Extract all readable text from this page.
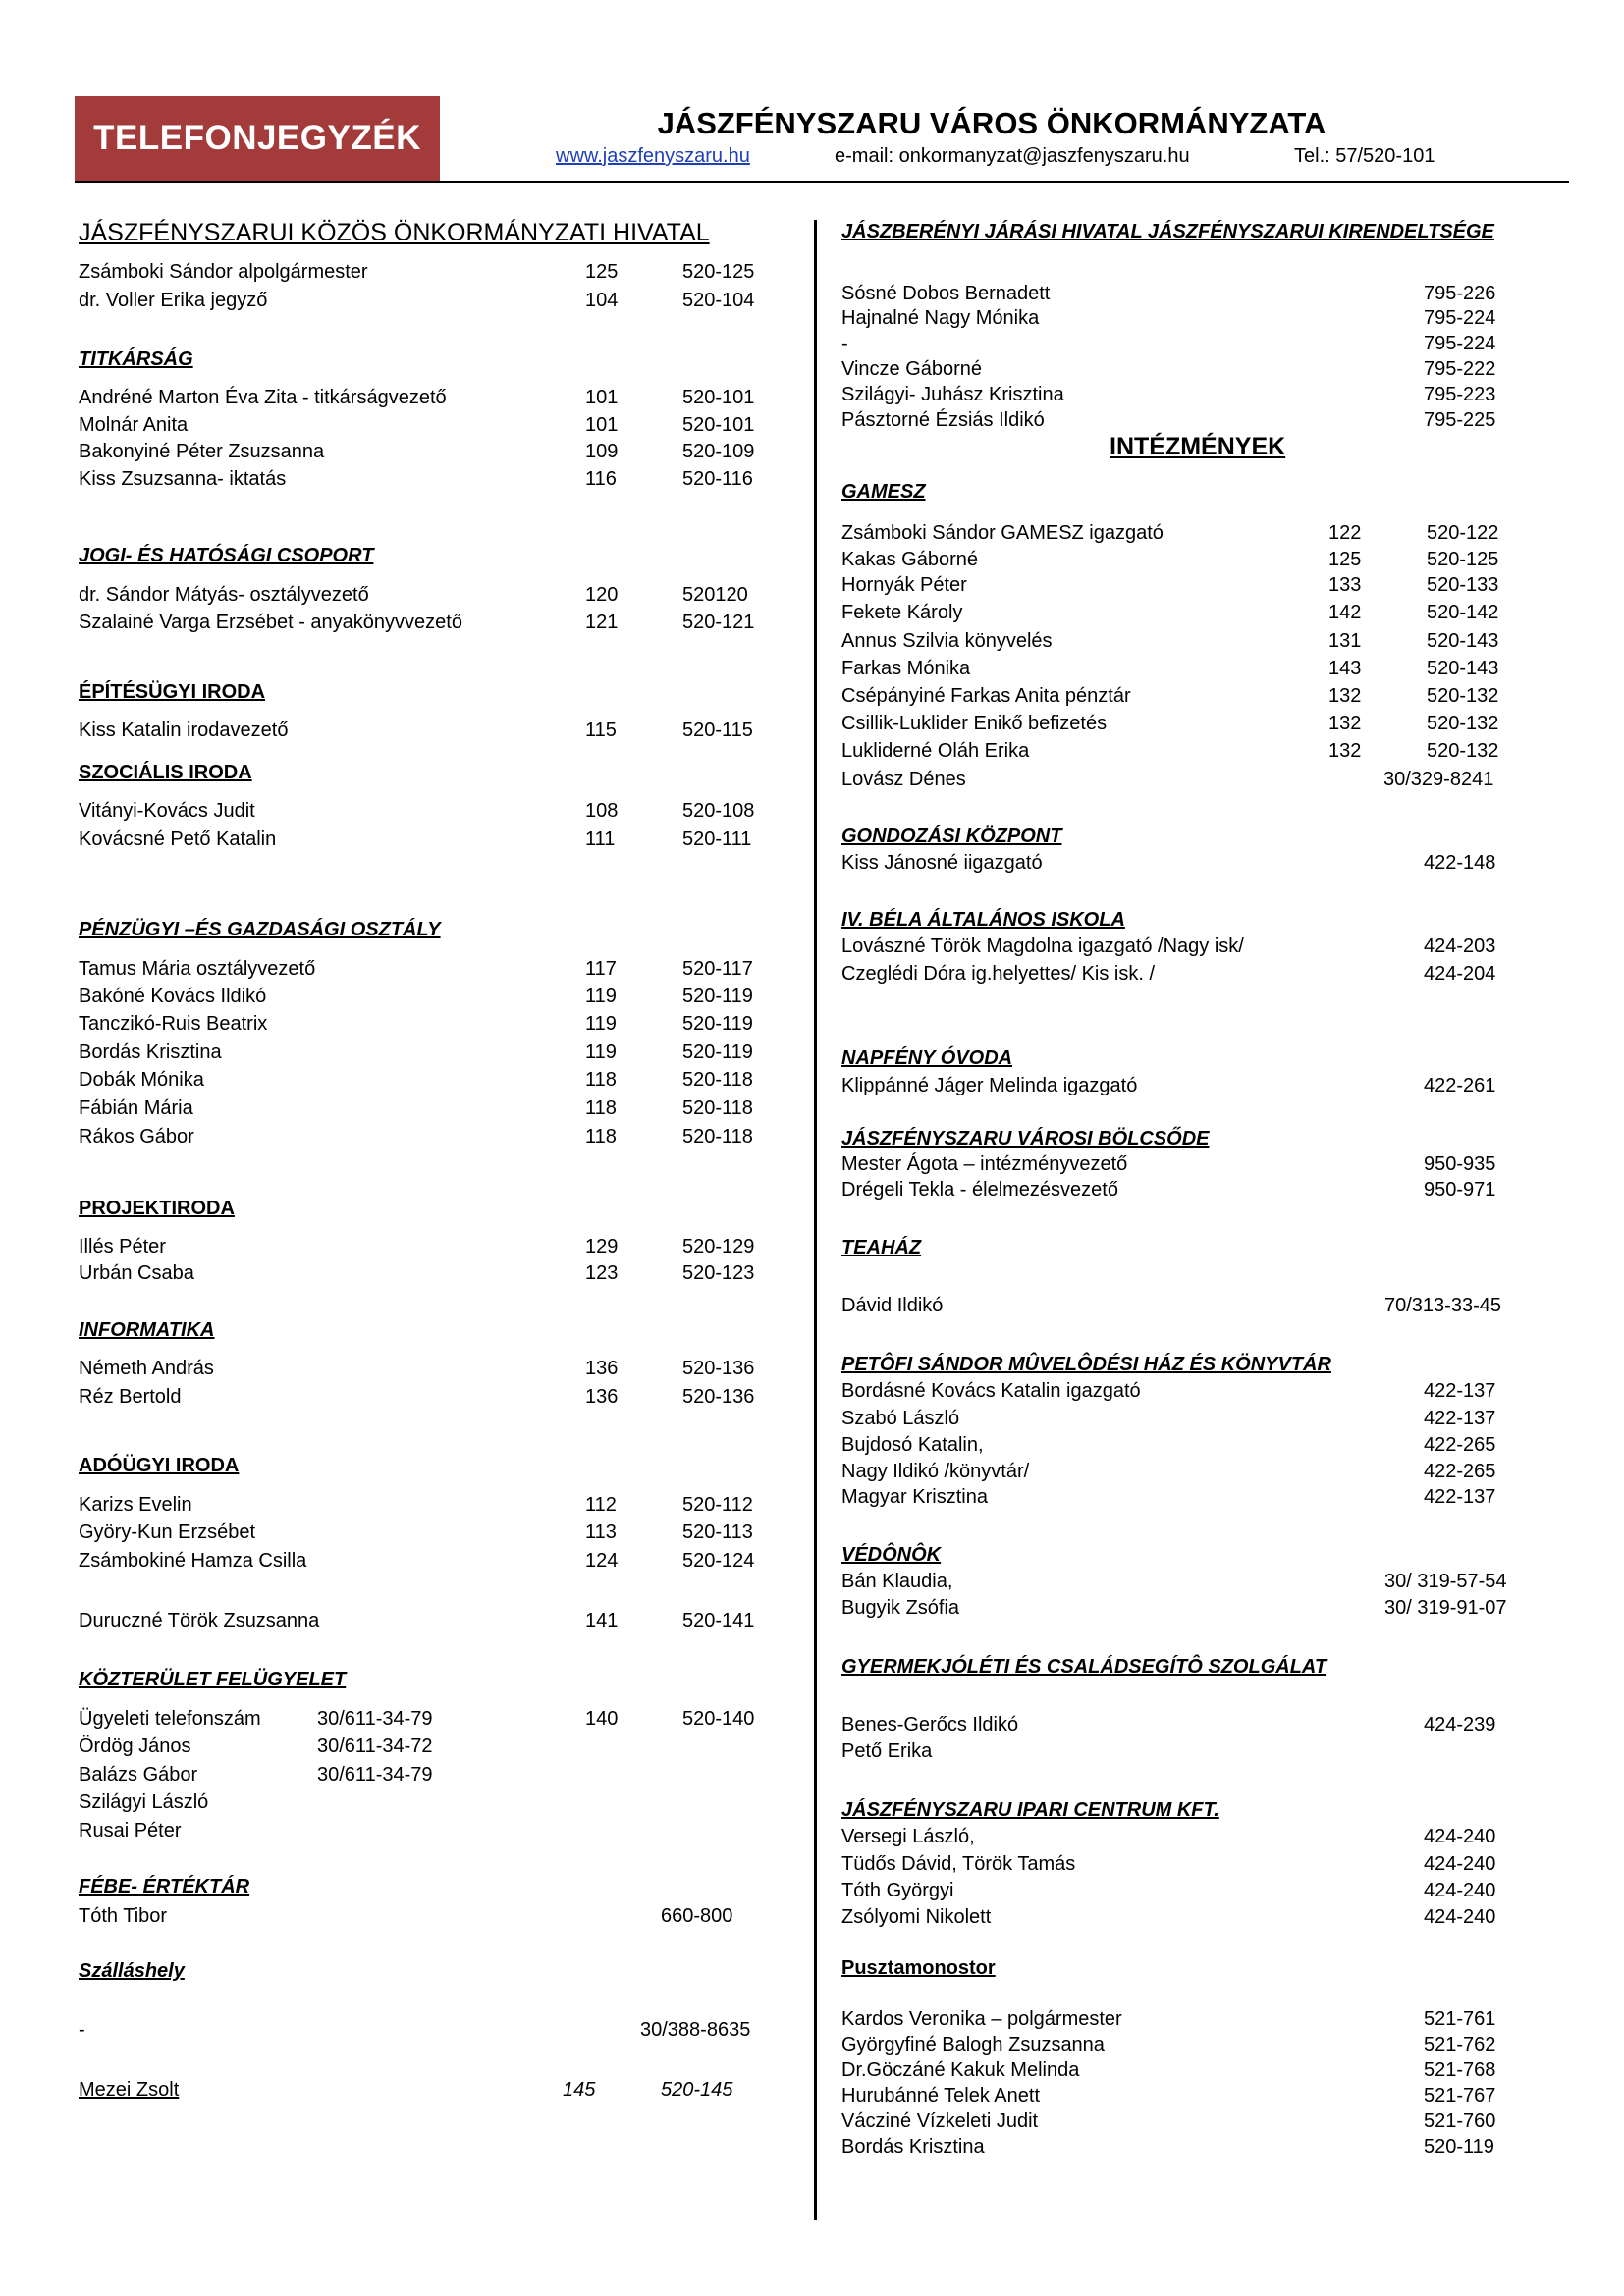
TELEFONJEGYZÉK	JÁSZFÉNYSZARU VÁROS ÖNKORMÁNYZATA
www.jaszfenyszaru.hu	e-mail: onkormanyzat@jaszfenyszaru.hu	Tel.: 57/520-101
JÁSZFÉNYSZARUI KÖZÖS ÖNKORMÁNYZATI HIVATAL
Zsámboki Sándor alpolgármester	125	520-125
dr. Voller Erika jegyző	104	520-104
TITKÁRSÁG
Andréné Marton Éva Zita - titkárságvezető	101	520-101
Molnár Anita	101	520-101
Bakonyiné Péter Zsuzsanna	109	520-109
Kiss Zsuzsanna- iktatás	116	520-116
JOGI- ÉS HATÓSÁGI CSOPORT
dr. Sándor Mátyás- osztályvezető	120	520120
Szalainé Varga Erzsébet - anyakönyvvezető	121	520-121
ÉPÍTÉSÜGYI IRODA
Kiss Katalin irodavezető	115	520-115
SZOCIÁLIS IRODA
Vitányi-Kovács Judit	108	520-108
Kovácsné Pető Katalin	111	520-111
PÉNZÜGYI –ÉS GAZDASÁGI OSZTÁLY
Tamus Mária osztályvezető	117	520-117
Bakóné Kovács Ildikó	119	520-119
Tanczikó-Ruis Beatrix	119	520-119
Bordás Krisztina	119	520-119
Dobák Mónika	118	520-118
Fábián Mária	118	520-118
Rákos Gábor	118	520-118
PROJEKTIRODA
Illés Péter	129	520-129
Urbán Csaba	123	520-123
INFORMATIKA
Németh András	136	520-136
Réz Bertold	136	520-136
ADÓÜGYI IRODA
Karizs Evelin	112	520-112
Györy-Kun Erzsébet	113	520-113
Zsámbokiné Hamza Csilla	124	520-124
Duruczné Török Zsuzsanna	141	520-141
KÖZTERÜLET FELÜGYELET
Ügyeleti telefonszám	30/611-34-79	140	520-140
Ördög János	30/611-34-72
Balázs Gábor	30/611-34-79
Szilágyi László
Rusai Péter
FÉBE- ÉRTÉKTÁR
Tóth Tibor	660-800
Szálláshely
-	30/388-8635
Mezei Zsolt	145	520-145
JÁSZBERÉNYI JÁRÁSI HIVATAL JÁSZFÉNYSZARUI KIRENDELTSÉGE
Sósné Dobos Bernadett	795-226
Hajnalné Nagy Mónika	795-224
-	795-224
Vincze Gáborné	795-222
Szilágyi- Juhász Krisztina	795-223
Pásztorné Ézsiás Ildikó	795-225
INTÉZMÉNYEK
GAMESZ
Zsámboki Sándor GAMESZ igazgató	122	520-122
Kakas Gáborné	125	520-125
Hornyák Péter	133	520-133
Fekete Károly	142	520-142
Annus Szilvia könyvelés	131	520-143
Farkas Mónika	143	520-143
Csépányiné Farkas Anita pénztár	132	520-132
Csillik-Luklider Enikő befizetés	132	520-132
Lukliderné Oláh Erika	132	520-132
Lovász Dénes	30/329-8241
GONDOZÁSI KÖZPONT
Kiss Jánosné iigazgató	422-148
IV. BÉLA ÁLTALÁNOS ISKOLA
Lovászné Török Magdolna igazgató /Nagy isk/	424-203
Czeglédi Dóra ig.helyettes/ Kis isk. /	424-204
NAPFÉNY ÓVODA
Klippánné Jáger Melinda igazgató	422-261
JÁSZFÉNYSZARU VÁROSI BÖLCSŐDE
Mester Ágota – intézményvezető	950-935
Drégeli Tekla - élelmezésvezető	950-971
TEAHÁZ
Dávid Ildikó	70/313-33-45
PETÔFI SÁNDOR MÛVELÔDÉSI HÁZ ÉS KÖNYVTÁR
Bordásné Kovács Katalin igazgató	422-137
Szabó László	422-137
Bujdosó Katalin,	422-265
Nagy Ildikó /könyvtár/	422-265
Magyar Krisztina	422-137
VÉDÔNÔK
Bán Klaudia,	30/ 319-57-54
Bugyik Zsófia	30/ 319-91-07
GYERMEKJÓLÉTI ÉS CSALÁDSEGÍTÔ SZOLGÁLAT
Benes-Gerőcs Ildikó	424-239
Pető Erika
JÁSZFÉNYSZARU IPARI CENTRUM KFT.
Versegi László,	424-240
Tüdős Dávid, Török Tamás	424-240
Tóth Györgyi	424-240
Zsólyomi Nikolett	424-240
Pusztamonostor
Kardos Veronika – polgármester	521-761
Györgyfiné Balogh Zsuzsanna	521-762
Dr.Göczáné Kakuk Melinda	521-768
Hurubánné Telek Anett	521-767
Vácziné Vízkeleti Judit	521-760
Bordás Krisztina	520-119
